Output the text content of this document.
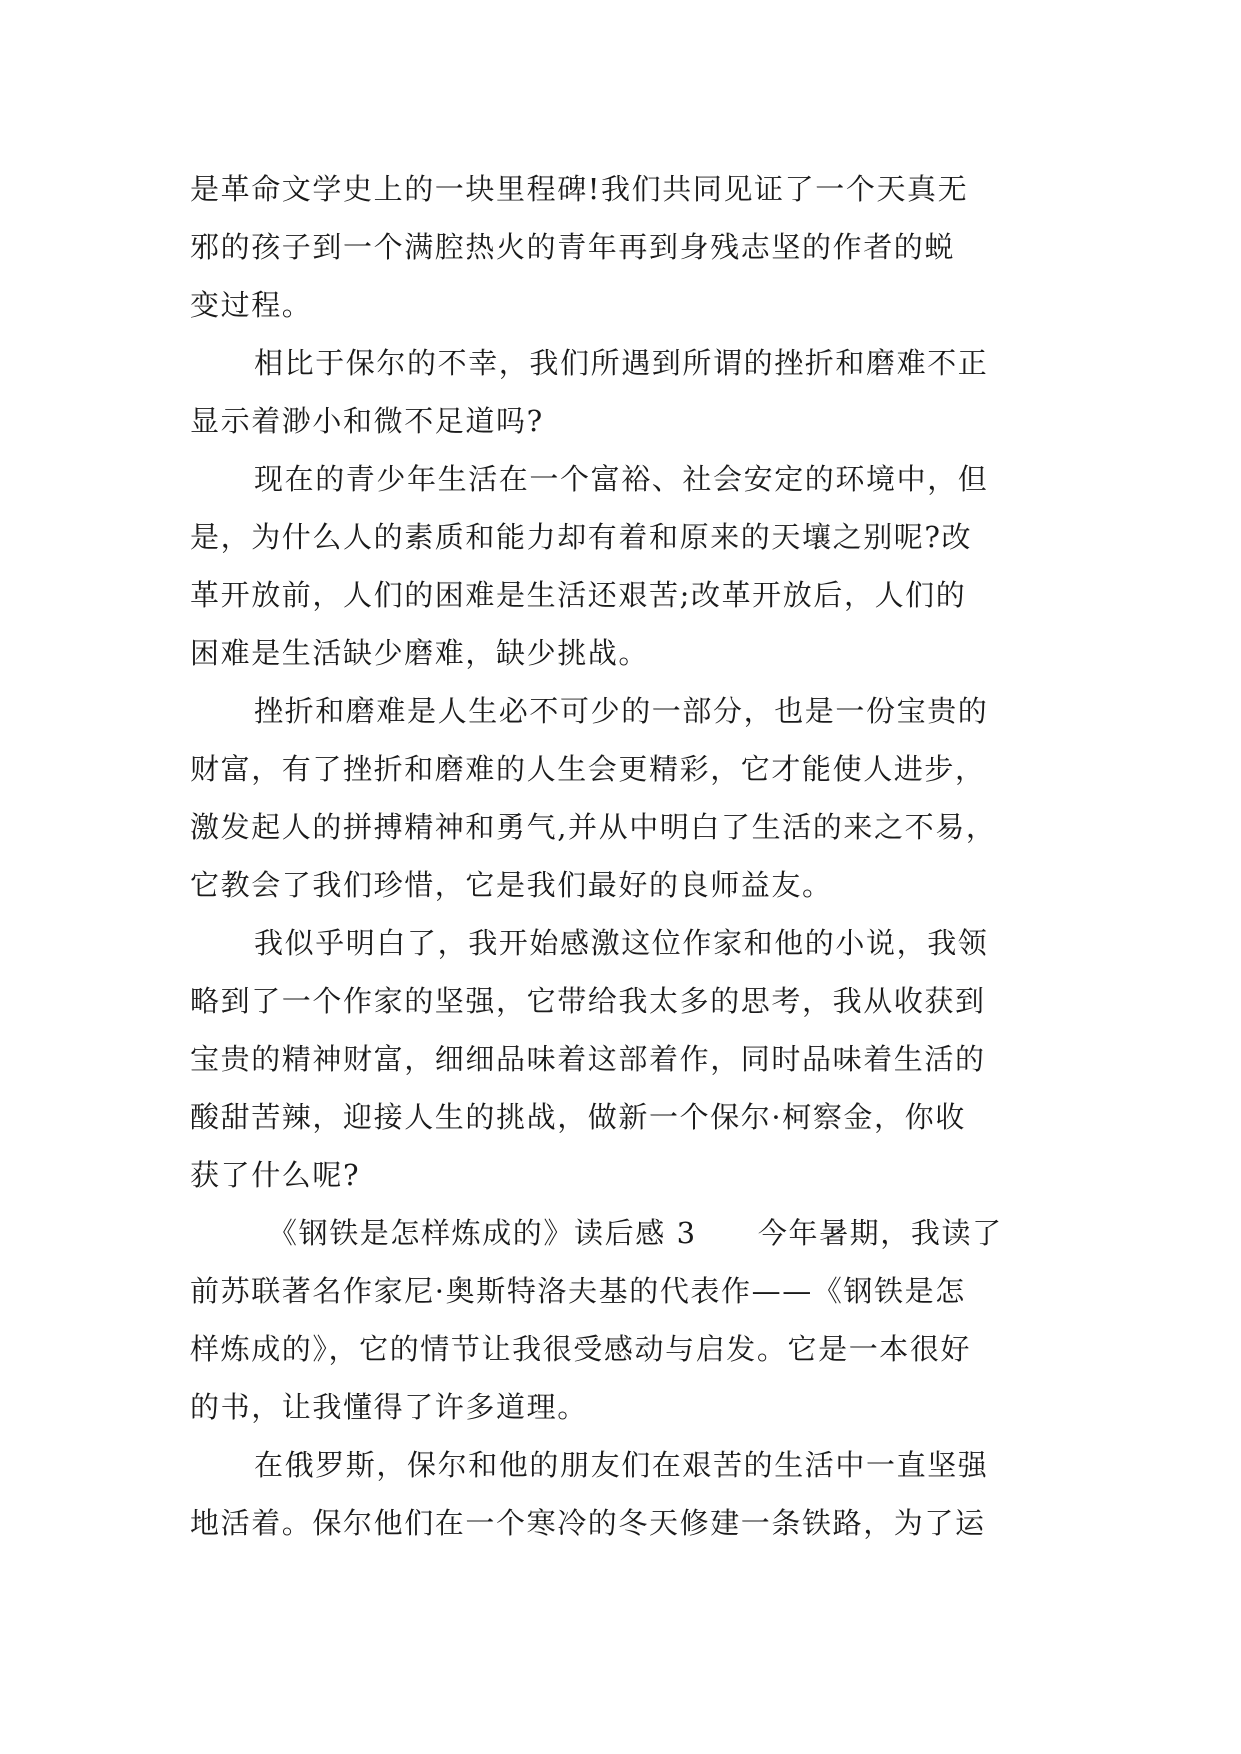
是革命文学史上的一块里程碑!我们共同见证了一个天真无
邪的孩子到一个满腔热火的青年再到身残志坚的作者的蜕
变过程。
相比于保尔的不幸，我们所遇到所谓的挫折和磨难不正
显示着渺小和微不足道吗?
现在的青少年生活在一个富裕、社会安定的环境中，但
是，为什么人的素质和能力却有着和原来的天壤之别呢?改
革开放前，人们的困难是生活还艰苦;改革开放后，人们的
困难是生活缺少磨难，缺少挑战。
挫折和磨难是人生必不可少的一部分，也是一份宝贵的
财富，有了挫折和磨难的人生会更精彩，它才能使人进步，
激发起人的拼搏精神和勇气,并从中明白了生活的来之不易，
它教会了我们珍惜，它是我们最好的良师益友。
我似乎明白了，我开始感激这位作家和他的小说，我领
略到了一个作家的坚强，它带给我太多的思考，我从收获到
宝贵的精神财富，细细品味着这部着作，同时品味着生活的
酸甜苦辣，迎接人生的挑战，做新一个保尔·柯察金，你收
获了什么呢?
《钢铁是怎样炼成的》读后感 3　　今年暑期，我读了
前苏联著名作家尼·奥斯特洛夫基的代表作——《钢铁是怎
样炼成的》，它的情节让我很受感动与启发。它是一本很好
的书，让我懂得了许多道理。
在俄罗斯，保尔和他的朋友们在艰苦的生活中一直坚强
地活着。保尔他们在一个寒冷的冬天修建一条铁路，为了运
